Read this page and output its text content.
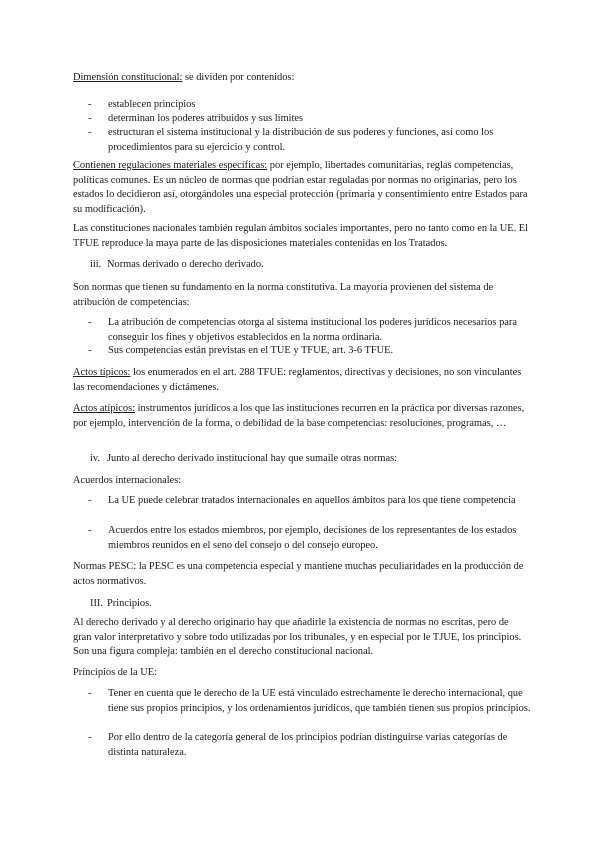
Dimensión constitucional: se dividen por contenidos:

- establecen principios
- determinan los poderes atribuidos y sus límites
- estructuran el sistema institucional y la distribución de sus poderes y funciones, así como los procedimientos para su ejercicio y control.

Contienen regulaciones materiales específicas: por ejemplo, libertades comunitarias, reglas competencias, políticas comunes. Es un núcleo de normas que podrían estar reguladas por normas no originarias, pero los estados lo decidieron así, otorgándoles una especial protección (primaria y consentimiento entre Estados para su modificación).

Las constituciones nacionales también regulan ámbitos sociales importantes, pero no tanto como en la UE. El TFUE reproduce la maya parte de las disposiciones materiales contenidas en los Tratados.

iii. Normas derivado o derecho derivado.

Son normas que tienen su fundamento en la norma constitutiva. La mayoría provienen del sistema de atribución de competencias:

- La atribución de competencias otorga al sistema institucional los poderes jurídicos necesarios para conseguir los fines y objetivos establecidos en la norma ordinaria.
- Sus competencias están previstas en el TUE y TFUE, art. 3-6 TFUE.

Actos típicos: los enumerados en el art. 288 TFUE: reglamentos, directivas y decisiones, no son vinculantes las recomendaciones y dictámenes.

Actos atípicos: instrumentos jurídicos a los que las instituciones recurren en la práctica por diversas razones, por ejemplo, intervención de la forma, o debilidad de la base competencias: resoluciones, programas, …

iv. Junto al derecho derivado institucional hay que sumaile otras normas:

Acuerdos internacionales:

- La UE puede celebrar tratados internacionales en aquellos ámbitos para los que tiene competencia
- Acuerdos entre los estados miembros, por ejemplo, decisiones de los representantes de los estados miembros reunidos en el seno del consejo o del consejo europeo.

Normas PESC: la PESC es una competencia especial y mantiene muchas peculiaridades en la producción de actos normativos.

III. Principios.

Al derecho derivado y al derecho originario hay que añadirle la existencia de normas no escritas, pero de gran valor interpretativo y sobre todo utilizadas por los tribunales, y en especial por le TJUE, los principios. Son una figura compleja: también en el derecho constitucional nacional.

Principios de la UE:

- Tener en cuenta que le derecho de la UE está vinculado estrechamente le derecho internacional, que tiene sus propios principios, y los ordenamientos jurídicos, que también tienen sus propios principios.
- Por ello dentro de la categoría general de los principios podrían distinguirse varias categorías de distinta naturaleza.
